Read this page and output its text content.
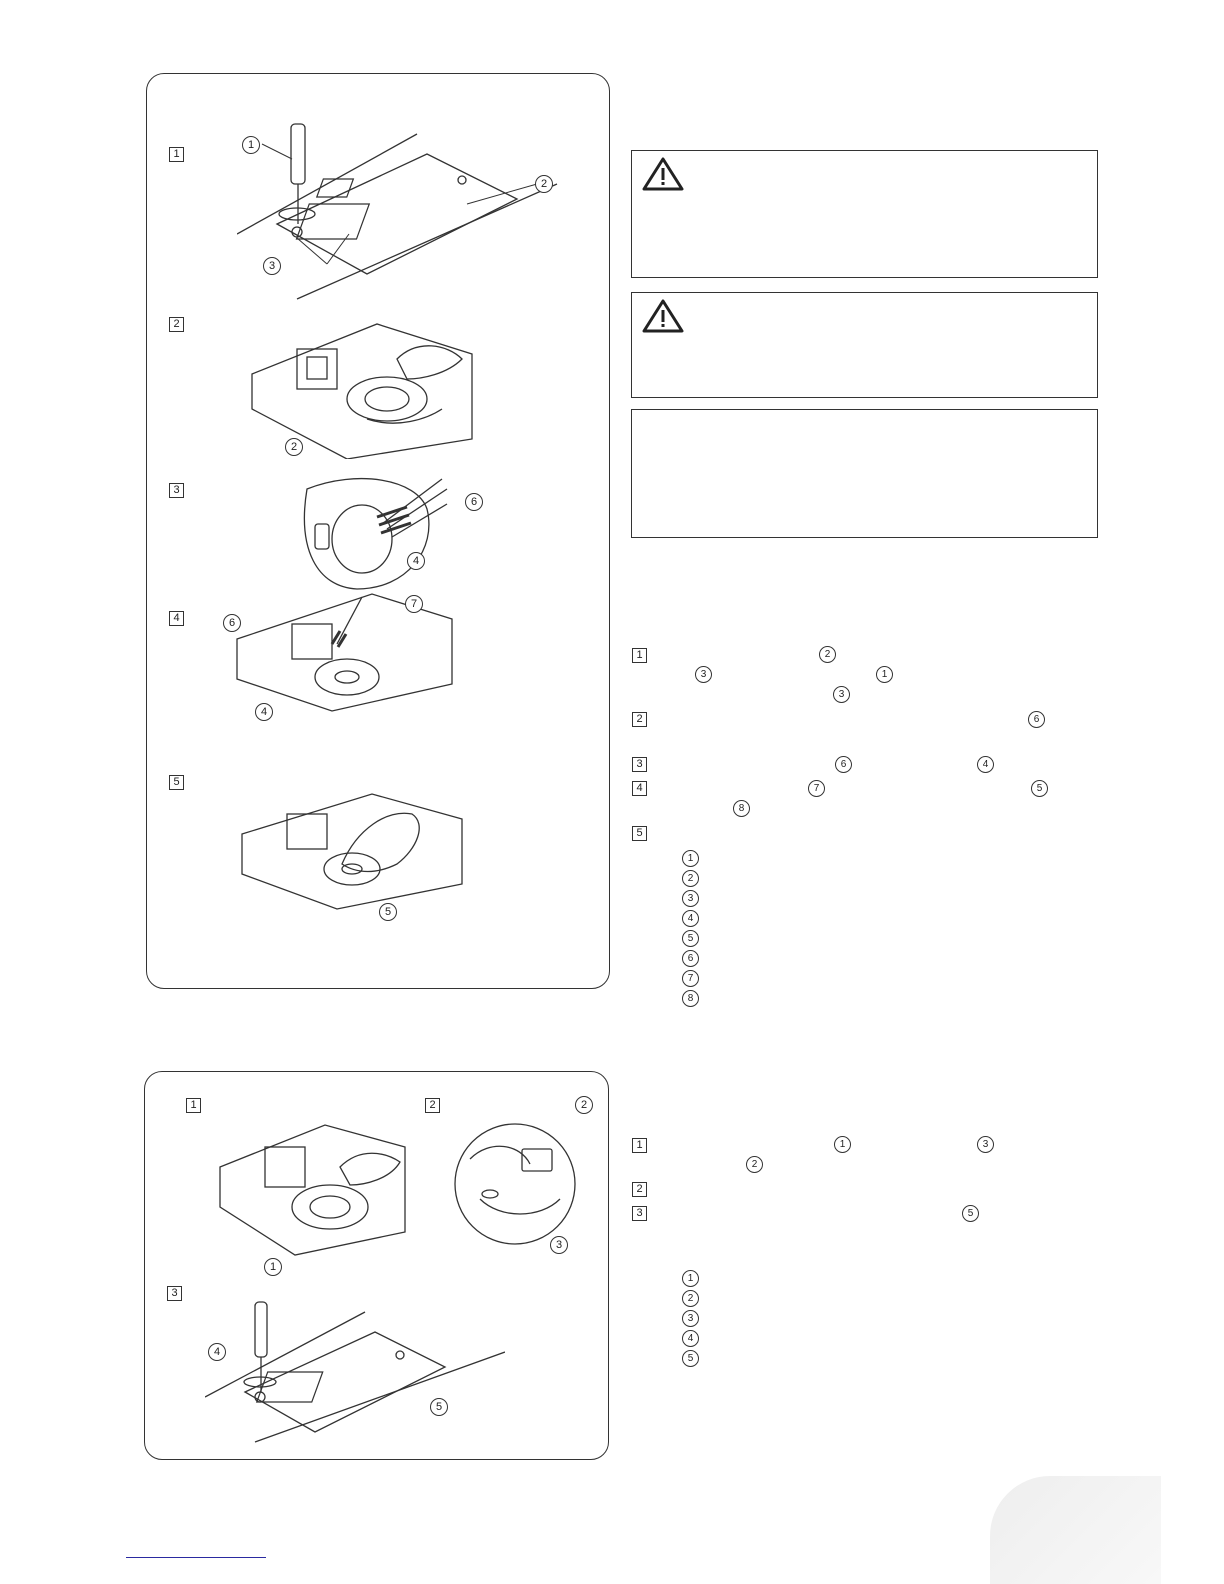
1
2
3
4
5
1
2
3
2
6
4
6
7
4
5
1	2
3
1
2
3
4
5
1	2
3	1
3
2	6
3	6	4
4	7	5
8
5
1
2
3
4
5
6
7
8
1	1	3
2
2
3	5
1
2
3
4
5
